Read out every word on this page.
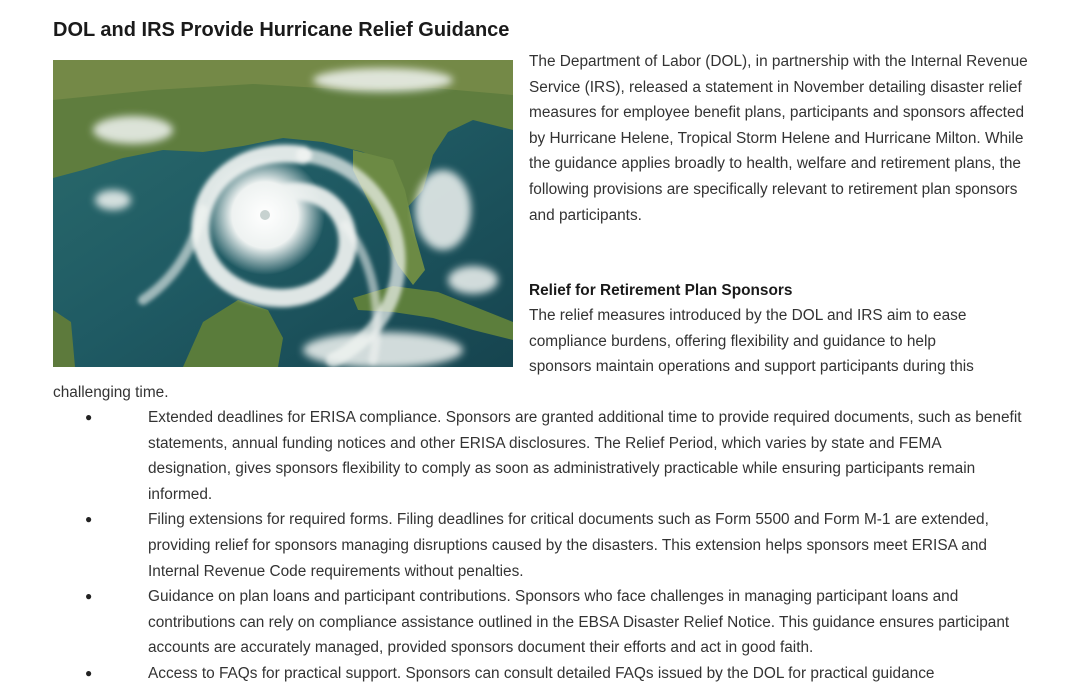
DOL and IRS Provide Hurricane Relief Guidance

The Department of Labor (DOL), in partnership with the Internal Revenue Service (IRS), released a statement in November detailing disaster relief measures for employee benefit plans, participants and sponsors affected by Hurricane Helene, Tropical Storm Helene and Hurricane Milton. While the guidance applies broadly to health, welfare and retirement plans, the following provisions are specifically relevant to retirement plan sponsors and participants.

Relief for Retirement Plan Sponsors

The relief measures introduced by the DOL and IRS aim to ease

compliance burdens, offering flexibility and guidance to help

sponsors maintain operations and support participants during this

challenging time.

●	Extended deadlines for ERISA compliance. Sponsors are granted additional time to provide required documents, such as benefit statements, annual funding notices and other ERISA disclosures. The Relief Period, which varies by state and FEMA designation, gives sponsors flexibility to comply as soon as administratively practicable while ensuring participants remain informed.
●	Filing extensions for required forms. Filing deadlines for critical documents such as Form 5500 and Form M-1 are extended, providing relief for sponsors managing disruptions caused by the disasters. This extension helps sponsors meet ERISA and Internal Revenue Code requirements without penalties.
●	Guidance on plan loans and participant contributions. Sponsors who face challenges in managing participant loans and contributions can rely on compliance assistance outlined in the EBSA Disaster Relief Notice. This guidance ensures participant accounts are accurately managed, provided sponsors document their efforts and act in good faith.
●	Access to FAQs for practical support. Sponsors can consult detailed FAQs issued by the DOL for practical guidance
